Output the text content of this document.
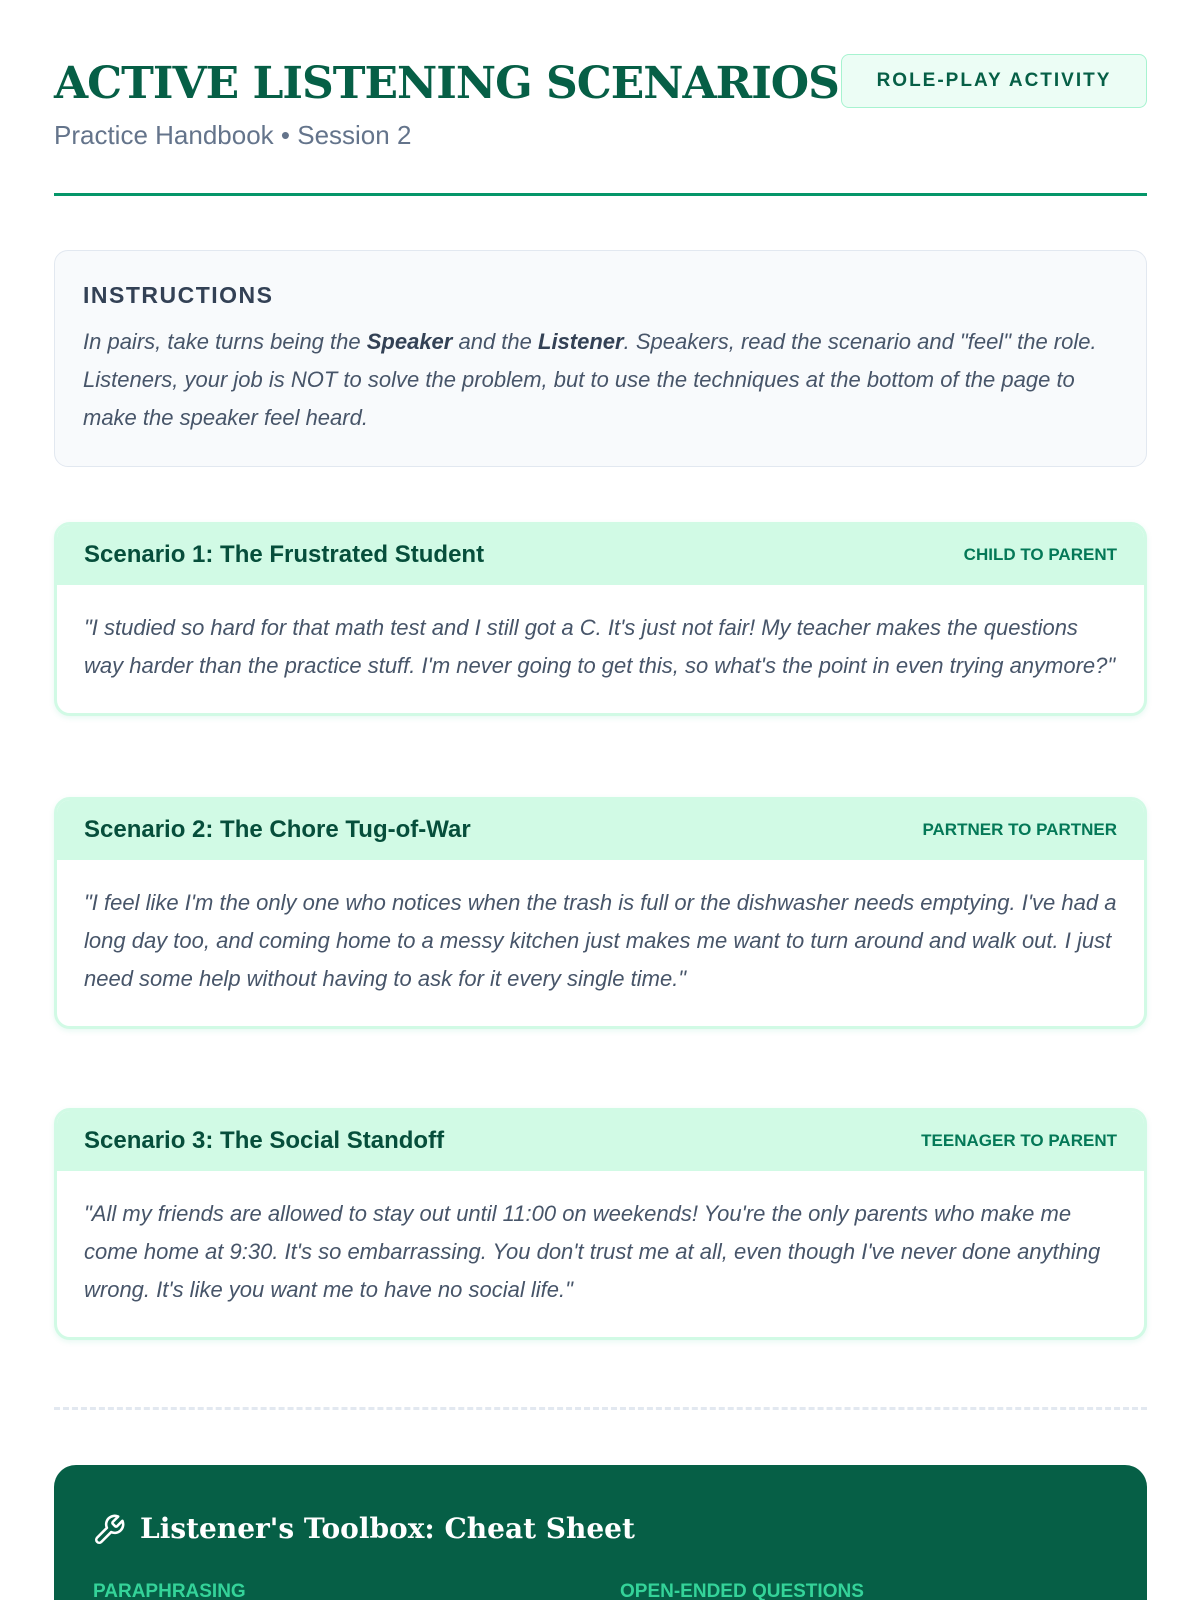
ACTIVE LISTENING SCENARIOS
Practice Handbook • Session 2
ROLE-PLAY ACTIVITY
INSTRUCTIONS

In pairs, take turns being the Speaker and the Listener. Speakers, read the scenario and "feel" the role. Listeners, your job is NOT to solve the problem, but to use the techniques at the bottom of the page to make the speaker feel heard.

Scenario 1: The Frustrated Student	CHILD TO PARENT
"I studied so hard for that math test and I still got a C. It's just not fair! My teacher makes the questions way harder than the practice stuff. I'm never going to get this, so what's the point in even trying anymore?"
Scenario 2: The Chore Tug-of-War	PARTNER TO PARTNER
"I feel like I'm the only one who notices when the trash is full or the dishwasher needs emptying. I've had a long day too, and coming home to a messy kitchen just makes me want to turn around and walk out. I just need some help without having to ask for it every single time."
Scenario 3: The Social Standoff	TEENAGER TO PARENT
"All my friends are allowed to stay out until 11:00 on weekends! You're the only parents who make me come home at 9:30. It's so embarrassing. You don't trust me at all, even though I've never done anything wrong. It's like you want me to have no social life."
Listener's Toolbox: Cheat Sheet
PARAPHRASING	OPEN-ENDED QUESTIONS
